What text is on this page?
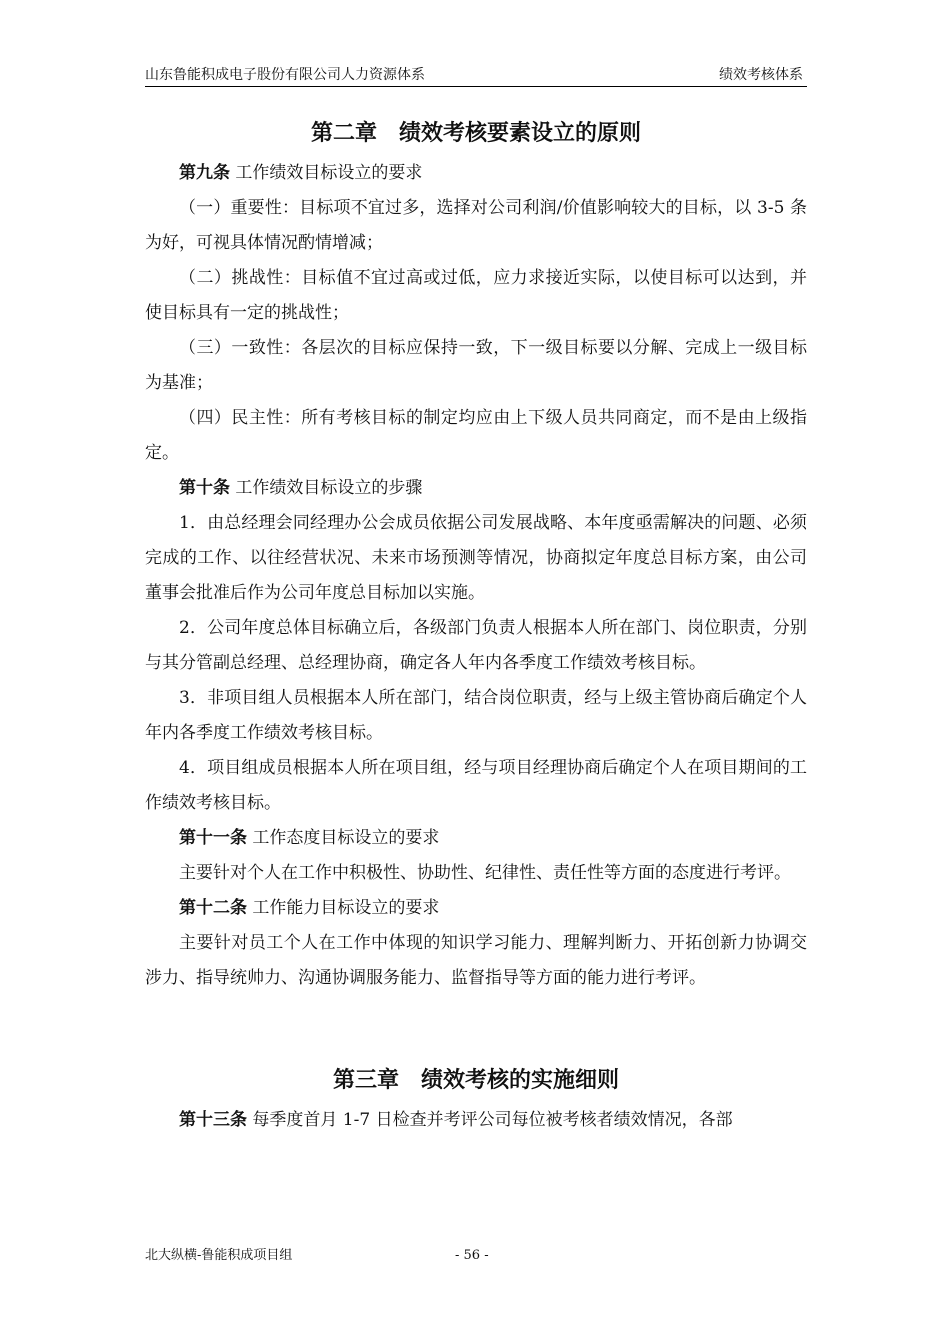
山东鲁能积成电子股份有限公司人力资源体系	绩效考核体系
第二章 绩效考核要素设立的原则

第九条 工作绩效目标设立的要求

（一）重要性：目标项不宜过多，选择对公司利润/价值影响较大的目标，以 3-5 条为好，可视具体情况酌情增减；

（二）挑战性：目标值不宜过高或过低，应力求接近实际，以使目标可以达到，并使目标具有一定的挑战性；

（三）一致性：各层次的目标应保持一致，下一级目标要以分解、完成上一级目标为基准；

（四）民主性：所有考核目标的制定均应由上下级人员共同商定，而不是由上级指定。

第十条 工作绩效目标设立的步骤

1．由总经理会同经理办公会成员依据公司发展战略、本年度亟需解决的问题、必须完成的工作、以往经营状况、未来市场预测等情况，协商拟定年度总目标方案，由公司董事会批准后作为公司年度总目标加以实施。

2．公司年度总体目标确立后，各级部门负责人根据本人所在部门、岗位职责，分别与其分管副总经理、总经理协商，确定各人年内各季度工作绩效考核目标。

3．非项目组人员根据本人所在部门，结合岗位职责，经与上级主管协商后确定个人年内各季度工作绩效考核目标。

4．项目组成员根据本人所在项目组，经与项目经理协商后确定个人在项目期间的工作绩效考核目标。

第十一条 工作态度目标设立的要求

主要针对个人在工作中积极性、协助性、纪律性、责任性等方面的态度进行考评。

第十二条 工作能力目标设立的要求

主要针对员工个人在工作中体现的知识学习能力、理解判断力、开拓创新力协调交涉力、指导统帅力、沟通协调服务能力、监督指导等方面的能力进行考评。

第三章 绩效考核的实施细则

第十三条 每季度首月 1-7 日检查并考评公司每位被考核者绩效情况，各部

北大纵横-鲁能积成项目组	- 56 -
